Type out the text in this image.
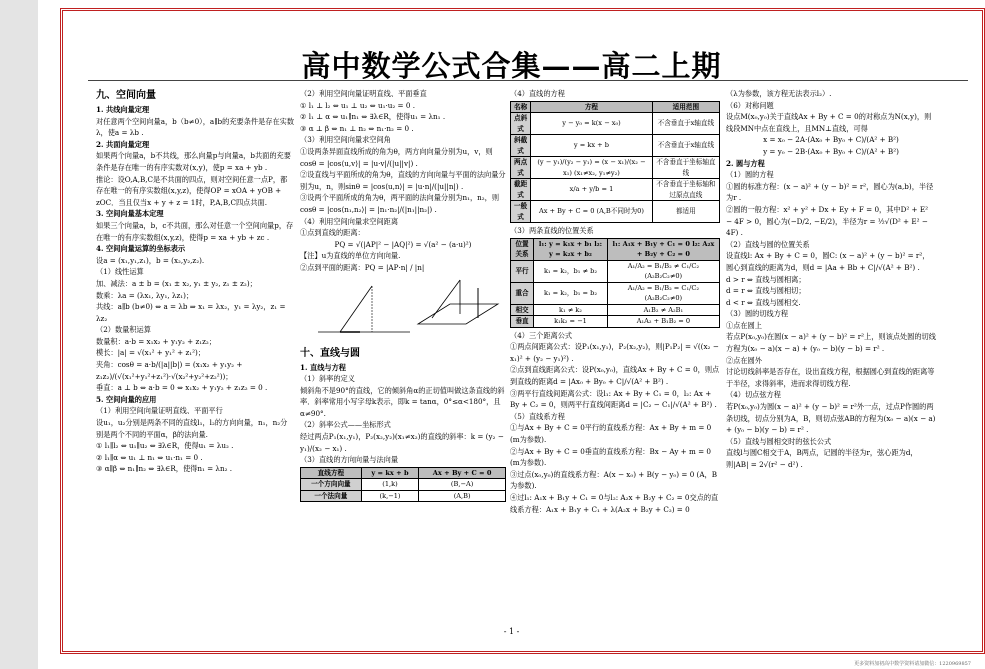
高中数学公式合集——高二上期

九、空间向量

1. 共线向量定理

对任意两个空间向量a，b（b≠0），a∥b的充要条件是存在实数λ，使a = λb .

2. 共面向量定理

如果两个向量a，b不共线，那么向量p与向量a，b共面的充要条件是存在唯一的有序实数对(x,y)，使p = xa + yb .

推论：设O,A,B,C是不共面的四点，则对空间任意一点P，都存在唯一的有序实数组(x,y,z)，使得OP = xOA + yOB + zOC．当且仅当x + y + z = 1时，P,A,B,C四点共面.

3. 空间向量基本定理

如果三个向量a，b，c不共面，那么对任意一个空间向量p，存在唯一的有序实数组(x,y,z)，使得p = xa + yb + zc .

4. 空间向量运算的坐标表示

设a = (x₁,y₁,z₁)，b = (x₂,y₂,z₂).

（1）线性运算

加、减法：a ± b = (x₁ ± x₂, y₁ ± y₂, z₁ ± z₂)；

数乘：λa = (λx₁, λy₁, λz₁)；

共线：a∥b (b≠0) ⇔ a = λb ⇒ x₁ = λx₂，y₁ = λy₂，z₁ = λz₂

（2）数量积运算

数量积：a·b = x₁x₂ + y₁y₂ + z₁z₂；

模长：|a| = √(x₁² + y₁² + z₁²)；

夹角：cosθ = a·b/(|a||b|) = (x₁x₂ + y₁y₂ + z₁z₂)/(√(x₁²+y₁²+z₁²)·√(x₂²+y₂²+z₂²))；

垂直：a ⊥ b ⇔ a·b = 0 ⇔ x₁x₂ + y₁y₂ + z₁z₂ = 0 .

5. 空间向量的应用

（1）利用空间向量证明直线、平面平行

设u₁，u₂分别是两条不同的直线l₁，l₂的方向向量，n₁，n₂分别是两个不同的平面α，β的法向量.

① l₁∥l₂ ⇔ u₁∥u₂ ⇔ ∃λ∈R，使得u₁ = λu₂ .

② l₁∥α ⇔ u₁ ⊥ n₁ ⇔ u₁·n₁ = 0 .

③ α∥β ⇔ n₁∥n₂ ⇔ ∃λ∈R，使得n₁ = λn₂ .

（2）利用空间向量证明直线、平面垂直

① l₁ ⊥ l₂ ⇔ u₁ ⊥ u₂ ⇔ u₁·u₂ = 0 .

② l₁ ⊥ α ⇔ u₁∥n₁ ⇔ ∃λ∈R，使得u₁ = λn₁ .

③ α ⊥ β ⇔ n₁ ⊥ n₂ ⇔ n₁·n₂ = 0 .

（3）利用空间向量求空间角

①设两条异面直线所成的角为θ，两方向向量分别为u，v，则cosθ = |cos⟨u,v⟩| = |u·v|/(|u||v|) .

②设直线与平面所成的角为θ，直线的方向向量与平面的法向量分别为u，n，则sinθ = |cos⟨u,n⟩| = |u·n|/(|u||n|) .

③设两个平面所成的角为θ，两平面的法向量分别为n₁，n₂，则cosθ = |cos⟨n₁,n₂⟩| = |n₁·n₂|/(|n₁||n₂|) .

（4）利用空间向量求空间距离

①点到直线的距离：

PQ = √(|AP|² − |AQ|²) = √(a² − (a·u)²)

【注】u为直线的单位方向向量.

②点到平面的距离：PQ = |AP·n| / |n|

十、直线与圆

1. 直线与方程

（1）斜率的定义

倾斜角不是90°的直线，它的倾斜角α的正切值叫做这条直线的斜率．斜率常用小写字母k表示，即k = tanα，0°≤α<180°，且α≠90°.

（2）斜率公式——坐标形式

经过两点P₁(x₁,y₁)，P₂(x₂,y₂)(x₁≠x₂)的直线的斜率：k = (y₂ − y₁)/(x₂ − x₁) .

（3）直线的方向向量与法向量

直线方程	y = kx + b	Ax + By + C = 0
一个方向向量	(1,k)	(B,−A)
一个法向量	(k,−1)	(A,B)

（4）直线的方程

名称	方程	适用范围
点斜式	y − y₀ = k(x − x₀)	不含垂直于x轴直线
斜截式	y = kx + b	不含垂直于x轴直线
两点式	(y − y₁)/(y₂ − y₁) = (x − x₁)/(x₂ − x₁) (x₁≠x₂, y₁≠y₂)	不含垂直于坐标轴直线
截距式	x/a + y/b = 1	不含垂直于坐标轴和过原点直线
一般式	Ax + By + C = 0 (A,B不同时为0)	都适用

（3）两条直线的位置关系

位置关系	l₁: y = k₁x + b₁ l₂: y = k₂x + b₂	l₁: A₁x + B₁y + C₁ = 0 l₂: A₂x + B₂y + C₂ = 0
平行	k₁ = k₂，b₁ ≠ b₂	A₁/A₂ = B₁/B₂ ≠ C₁/C₂ (A₂B₂C₂≠0)
重合	k₁ = k₂，b₁ = b₂	A₁/A₂ = B₁/B₂ = C₁/C₂ (A₂B₂C₂≠0)
相交	k₁ ≠ k₂	A₁B₂ ≠ A₂B₁
垂直	k₁k₂ = −1	A₁A₂ + B₁B₂ = 0

（4）三个距离公式

①两点间距离公式：设P₁(x₁,y₁)，P₂(x₂,y₂)，则|P₁P₂| = √((x₂ − x₁)² + (y₂ − y₁)²) .

②点到直线距离公式：设P(x₀,y₀)，直线Ax + By + C = 0，则点到直线的距离d = |Ax₀ + By₀ + C|/√(A² + B²) .

③两平行直线间距离公式：设l₁: Ax + By + C₁ = 0，l₂: Ax + By + C₂ = 0，则两平行直线间距离d = |C₂ − C₁|/√(A² + B²) .

（5）直线系方程

①与Ax + By + C = 0平行的直线系方程：Ax + By + m = 0 (m为参数).

②与Ax + By + C = 0垂直的直线系方程：Bx − Ay + m = 0 (m为参数).

③过点(x₀,y₀)的直线系方程：A(x − x₀) + B(y − y₀) = 0 (A，B为参数).

④过l₁: A₁x + B₁y + C₁ = 0与l₂: A₂x + B₂y + C₂ = 0交点的直线系方程：A₁x + B₁y + C₁ + λ(A₂x + B₂y + C₂) = 0

（λ为参数，该方程无法表示l₂）.

（6）对称问题

设点M(x₀,y₀)关于直线Ax + By + C = 0的对称点为N(x,y)，则线段MN中点在直线上，且MN⊥直线，可得

x = x₀ − 2A·(Ax₀ + By₀ + C)/(A² + B²)

y = y₀ − 2B·(Ax₀ + By₀ + C)/(A² + B²)

2. 圆与方程

（1）圆的方程

①圆的标准方程：(x − a)² + (y − b)² = r²，圆心为(a,b)，半径为r .

②圆的一般方程：x² + y² + Dx + Ey + F = 0，其中D² + E² − 4F > 0，圆心为(−D/2, −E/2)，半径为r = ½√(D² + E² − 4F) .

（2）直线与圆的位置关系

设直线l: Ax + By + C = 0，圆C: (x − a)² + (y − b)² = r²，圆心到直线的距离为d，则d = |Aa + Bb + C|/√(A² + B²) .

d > r ⇔ 直线与圆相离；

d = r ⇔ 直线与圆相切；

d < r ⇔ 直线与圆相交.

（3）圆的切线方程

①点在圆上

若点P(x₀,y₀)在圆(x − a)² + (y − b)² = r²上，则该点处圆的切线方程为(x₀ − a)(x − a) + (y₀ − b)(y − b) = r² .

②点在圆外

讨论切线斜率是否存在，设出直线方程，根据圆心到直线的距离等于半径，求得斜率，进而求得切线方程.

（4）切点弦方程

若P(x₀,y₀)为圆(x − a)² + (y − b)² = r²外一点，过点P作圆的两条切线，切点分别为A，B，则切点弦AB的方程为(x₀ − a)(x − a) + (y₀ − b)(y − b) = r² .

（5）直线与圆相交时的弦长公式

直线l与圆C相交于A，B两点，记圆的半径为r，弦心距为d，则|AB| = 2√(r² − d²) .

- 1 -
更多资料加初高中数学资料请加微信：1220969857
